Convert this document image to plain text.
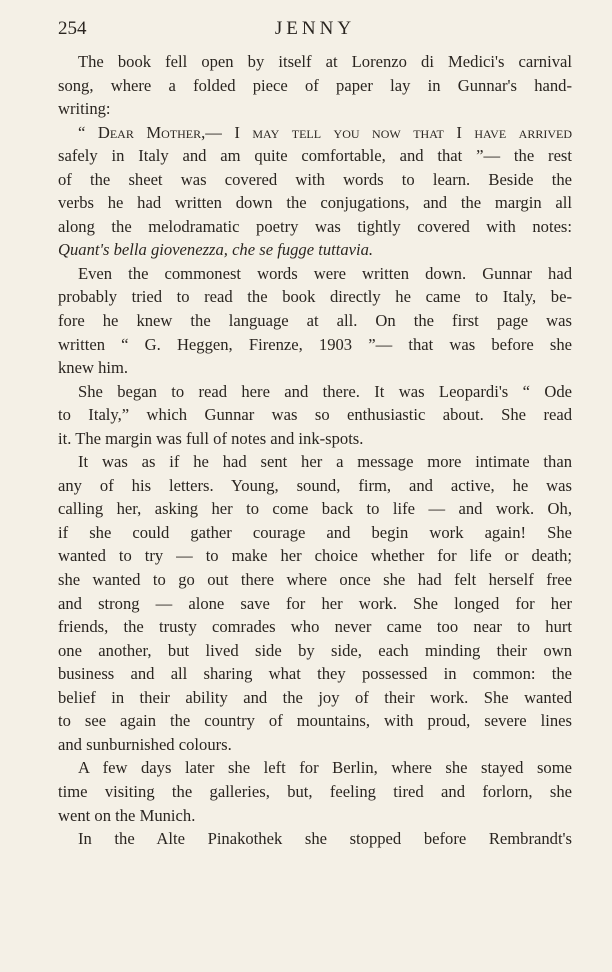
254	JENNY

The book fell open by itself at Lorenzo di Medici's carnival
song, where a folded piece of paper lay in Gunnar's hand-
writing:

“ Dear Mother,— I may tell you now that I have arrived
safely in Italy and am quite comfortable, and that ”— the rest
of the sheet was covered with words to learn. Beside the
verbs he had written down the conjugations, and the margin all
along the melodramatic poetry was tightly covered with notes:
Quant's bella giovenezza, che se fugge tuttavia.

Even the commonest words were written down. Gunnar had
probably tried to read the book directly he came to Italy, be-
fore he knew the language at all. On the first page was
written “ G. Heggen, Firenze, 1903 ”— that was before she
knew him.

She began to read here and there. It was Leopardi's “ Ode
to Italy,” which Gunnar was so enthusiastic about. She read
it. The margin was full of notes and ink-spots.

It was as if he had sent her a message more intimate than
any of his letters. Young, sound, firm, and active, he was
calling her, asking her to come back to life — and work. Oh,
if she could gather courage and begin work again! She
wanted to try — to make her choice whether for life or death;
she wanted to go out there where once she had felt herself free
and strong — alone save for her work. She longed for her
friends, the trusty comrades who never came too near to hurt
one another, but lived side by side, each minding their own
business and all sharing what they possessed in common: the
belief in their ability and the joy of their work. She wanted
to see again the country of mountains, with proud, severe lines
and sunburnished colours.

A few days later she left for Berlin, where she stayed some
time visiting the galleries, but, feeling tired and forlorn, she
went on the Munich.

In the Alte Pinakothek she stopped before Rembrandt's
